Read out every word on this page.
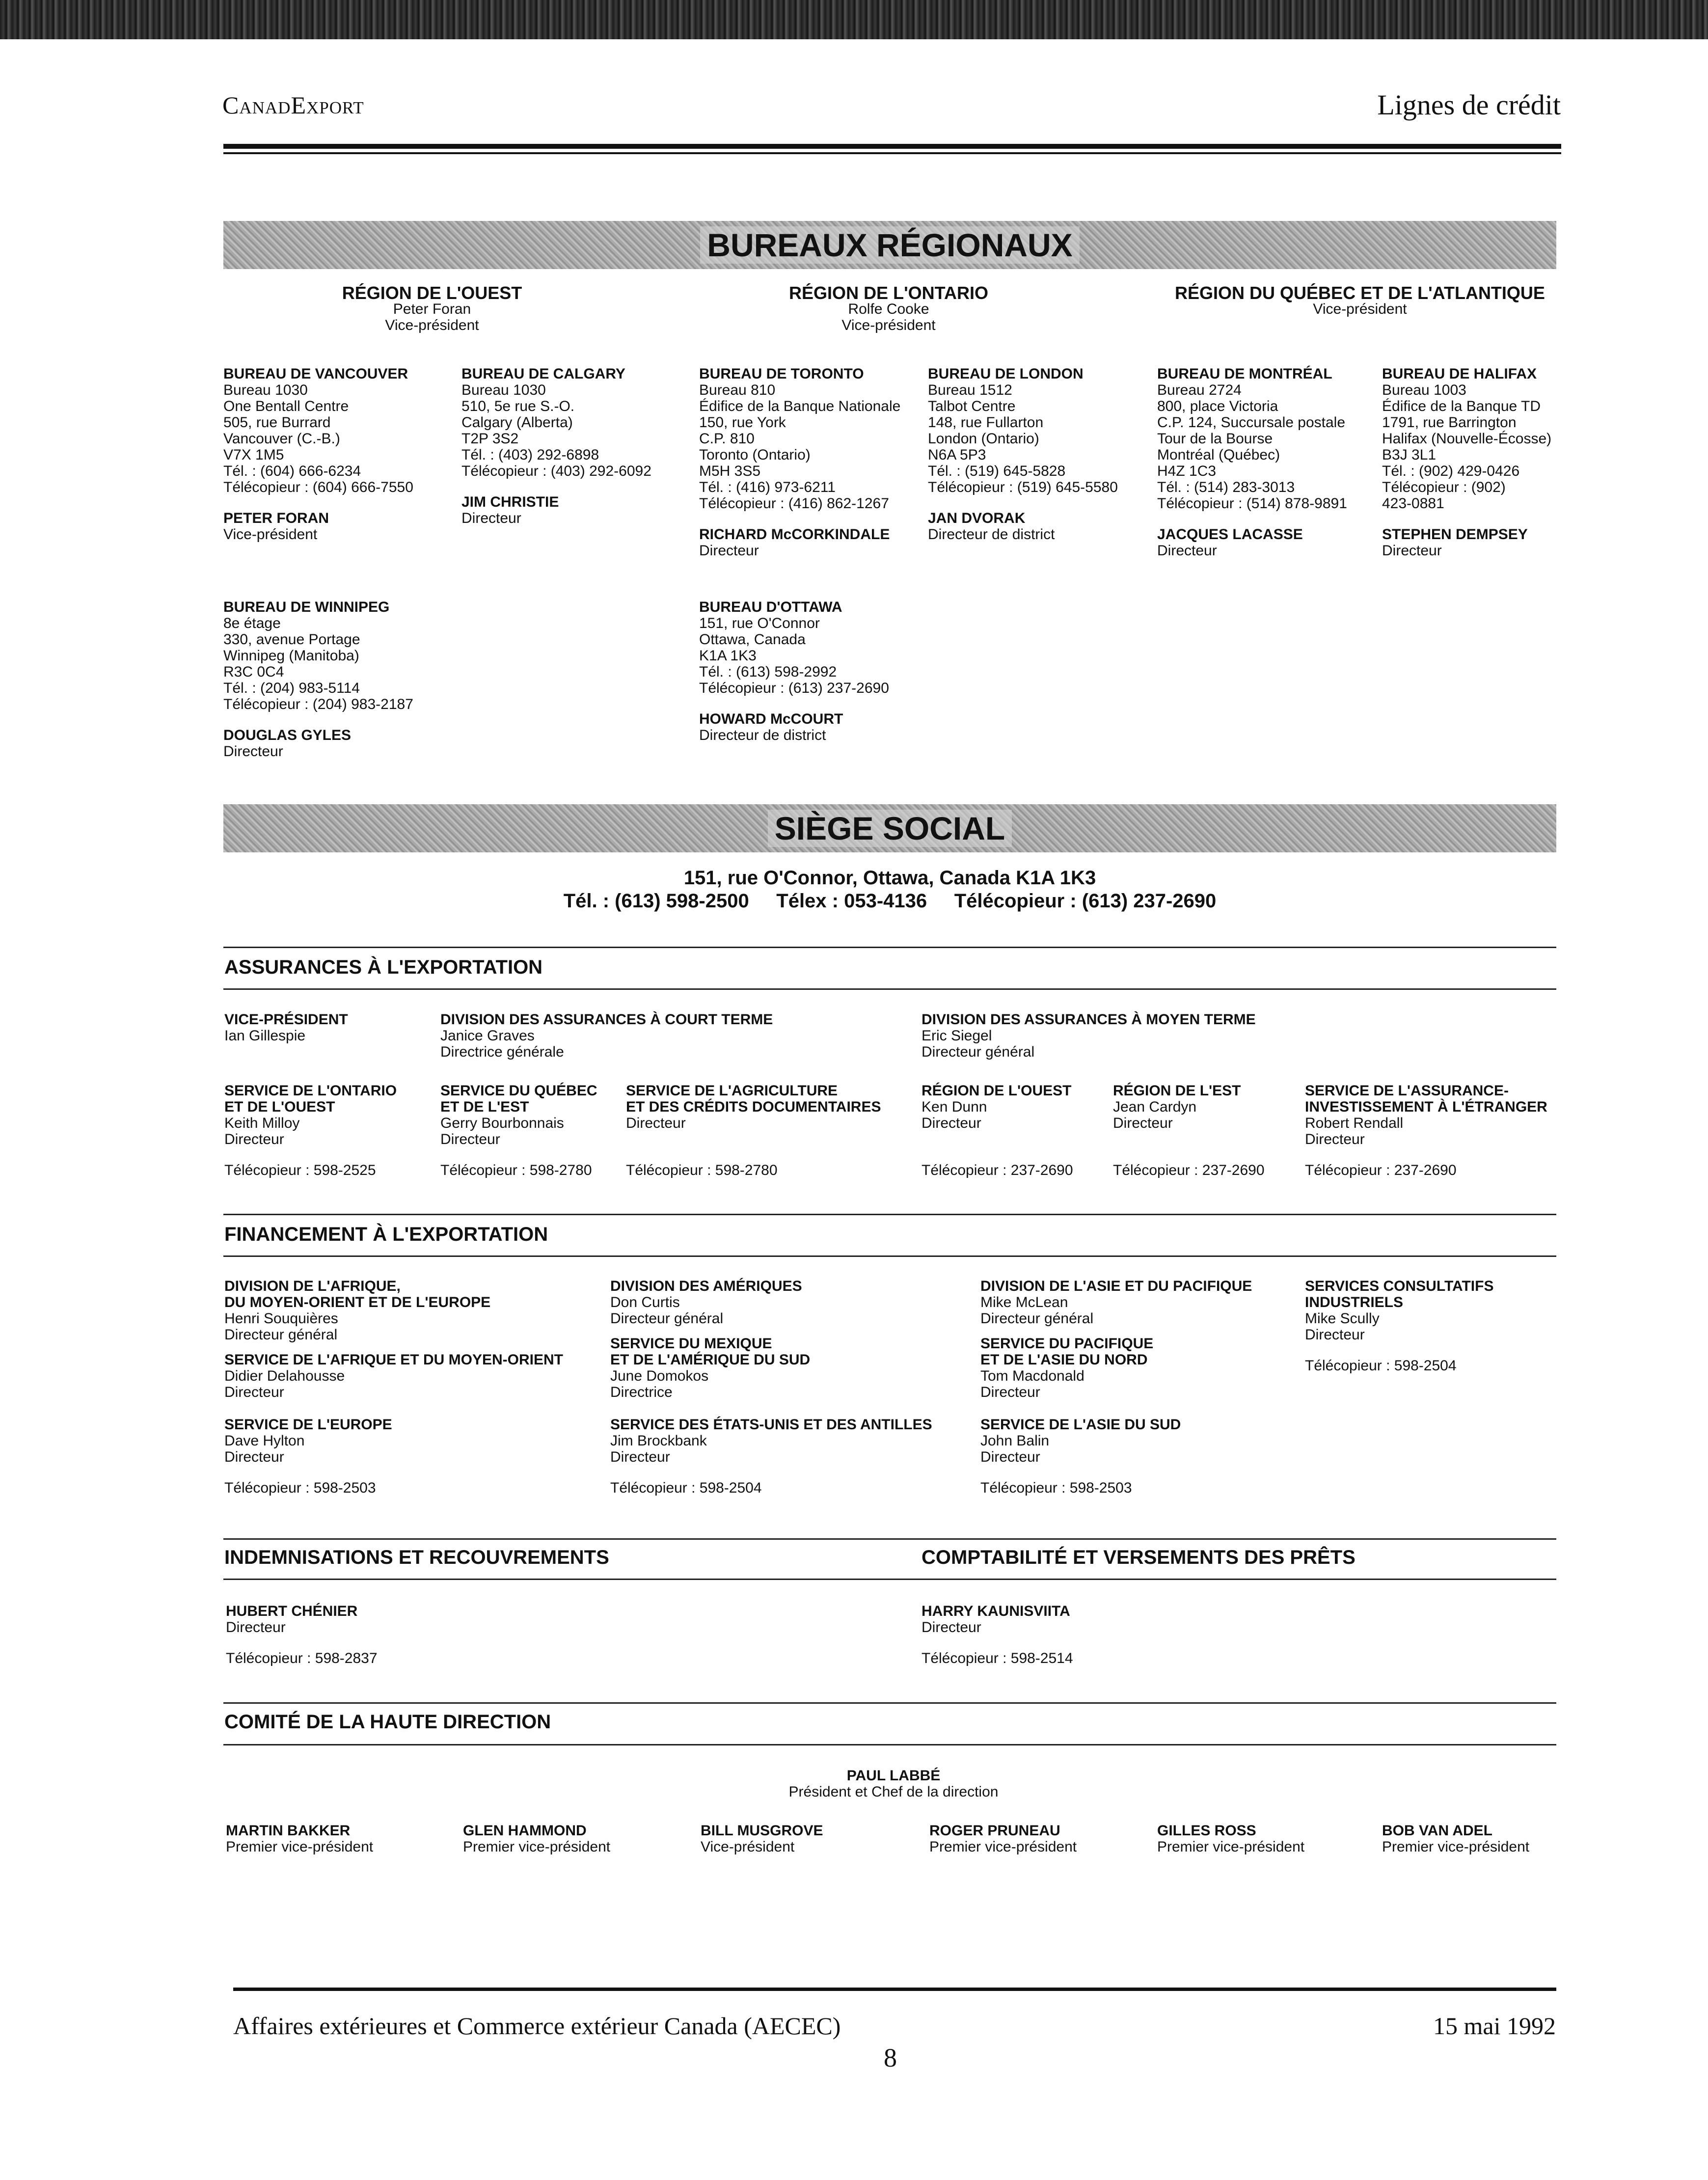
CanadExport	Lignes de crédit
BUREAUX RÉGIONAUX
RÉGION DE L'OUEST
Peter Foran
Vice-président
RÉGION DE L'ONTARIO
Rolfe Cooke
Vice-président
RÉGION DU QUÉBEC ET DE L'ATLANTIQUE
Vice-président
BUREAU DE VANCOUVER
Bureau 1030
One Bentall Centre
505, rue Burrard
Vancouver (C.-B.)
V7X 1M5
Tél. : (604) 666-6234
Télécopieur : (604) 666-7550
PETER FORAN
Vice-président
BUREAU DE CALGARY
Bureau 1030
510, 5e rue S.-O.
Calgary (Alberta)
T2P 3S2
Tél. : (403) 292-6898
Télécopieur : (403) 292-6092
JIM CHRISTIE
Directeur
BUREAU DE TORONTO
Bureau 810
Édifice de la Banque Nationale
150, rue York
C.P. 810
Toronto (Ontario)
M5H 3S5
Tél. : (416) 973-6211
Télécopieur : (416) 862-1267
RICHARD McCORKINDALE
Directeur
BUREAU DE LONDON
Bureau 1512
Talbot Centre
148, rue Fullarton
London (Ontario)
N6A 5P3
Tél. : (519) 645-5828
Télécopieur : (519) 645-5580
JAN DVORAK
Directeur de district
BUREAU DE MONTRÉAL
Bureau 2724
800, place Victoria
C.P. 124, Succursale postale
Tour de la Bourse
Montréal (Québec)
H4Z 1C3
Tél. : (514) 283-3013
Télécopieur : (514) 878-9891
JACQUES LACASSE
Directeur
BUREAU DE HALIFAX
Bureau 1003
Édifice de la Banque TD
1791, rue Barrington
Halifax (Nouvelle-Écosse)
B3J 3L1
Tél. : (902) 429-0426
Télécopieur : (902)
423-0881
STEPHEN DEMPSEY
Directeur
BUREAU DE WINNIPEG
8e étage
330, avenue Portage
Winnipeg (Manitoba)
R3C 0C4
Tél. : (204) 983-5114
Télécopieur : (204) 983-2187
DOUGLAS GYLES
Directeur
BUREAU D'OTTAWA
151, rue O'Connor
Ottawa, Canada
K1A 1K3
Tél. : (613) 598-2992
Télécopieur : (613) 237-2690
HOWARD McCOURT
Directeur de district
SIÈGE SOCIAL
151, rue O'Connor, Ottawa, Canada K1A 1K3
Tél. : (613) 598-2500     Télex : 053-4136     Télécopieur : (613) 237-2690
ASSURANCES À L'EXPORTATION
VICE-PRÉSIDENT
Ian Gillespie
DIVISION DES ASSURANCES À COURT TERME
Janice Graves
Directrice générale
DIVISION DES ASSURANCES À MOYEN TERME
Eric Siegel
Directeur général
SERVICE DE L'ONTARIO
ET DE L'OUEST
Keith Milloy
Directeur
Télécopieur : 598-2525
SERVICE DU QUÉBEC
ET DE L'EST
Gerry Bourbonnais
Directeur
Télécopieur : 598-2780
SERVICE DE L'AGRICULTURE
ET DES CRÉDITS DOCUMENTAIRES
Directeur
Télécopieur : 598-2780
RÉGION DE L'OUEST
Ken Dunn
Directeur
Télécopieur : 237-2690
RÉGION DE L'EST
Jean Cardyn
Directeur
Télécopieur : 237-2690
SERVICE DE L'ASSURANCE-
INVESTISSEMENT À L'ÉTRANGER
Robert Rendall
Directeur
Télécopieur : 237-2690
FINANCEMENT À L'EXPORTATION
DIVISION DE L'AFRIQUE,
DU MOYEN-ORIENT ET DE L'EUROPE
Henri Souquières
Directeur général
SERVICE DE L'AFRIQUE ET DU MOYEN-ORIENT
Didier Delahousse
Directeur
SERVICE DE L'EUROPE
Dave Hylton
Directeur
Télécopieur : 598-2503
DIVISION DES AMÉRIQUES
Don Curtis
Directeur général
SERVICE DU MEXIQUE
ET DE L'AMÉRIQUE DU SUD
June Domokos
Directrice
SERVICE DES ÉTATS-UNIS ET DES ANTILLES
Jim Brockbank
Directeur
Télécopieur : 598-2504
DIVISION DE L'ASIE ET DU PACIFIQUE
Mike McLean
Directeur général
SERVICE DU PACIFIQUE
ET DE L'ASIE DU NORD
Tom Macdonald
Directeur
SERVICE DE L'ASIE DU SUD
John Balin
Directeur
Télécopieur : 598-2503
SERVICES CONSULTATIFS
INDUSTRIELS
Mike Scully
Directeur
Télécopieur : 598-2504
INDEMNISATIONS ET RECOUVREMENTS	COMPTABILITÉ ET VERSEMENTS DES PRÊTS
HUBERT CHÉNIER
Directeur
Télécopieur : 598-2837
HARRY KAUNISVIITA
Directeur
Télécopieur : 598-2514
COMITÉ DE LA HAUTE DIRECTION
PAUL LABBÉ
Président et Chef de la direction
MARTIN BAKKER
Premier vice-président
GLEN HAMMOND
Premier vice-président
BILL MUSGROVE
Vice-président
ROGER PRUNEAU
Premier vice-président
GILLES ROSS
Premier vice-président
BOB VAN ADEL
Premier vice-président
Affaires extérieures et Commerce extérieur Canada (AECEC)	15 mai 1992
8
